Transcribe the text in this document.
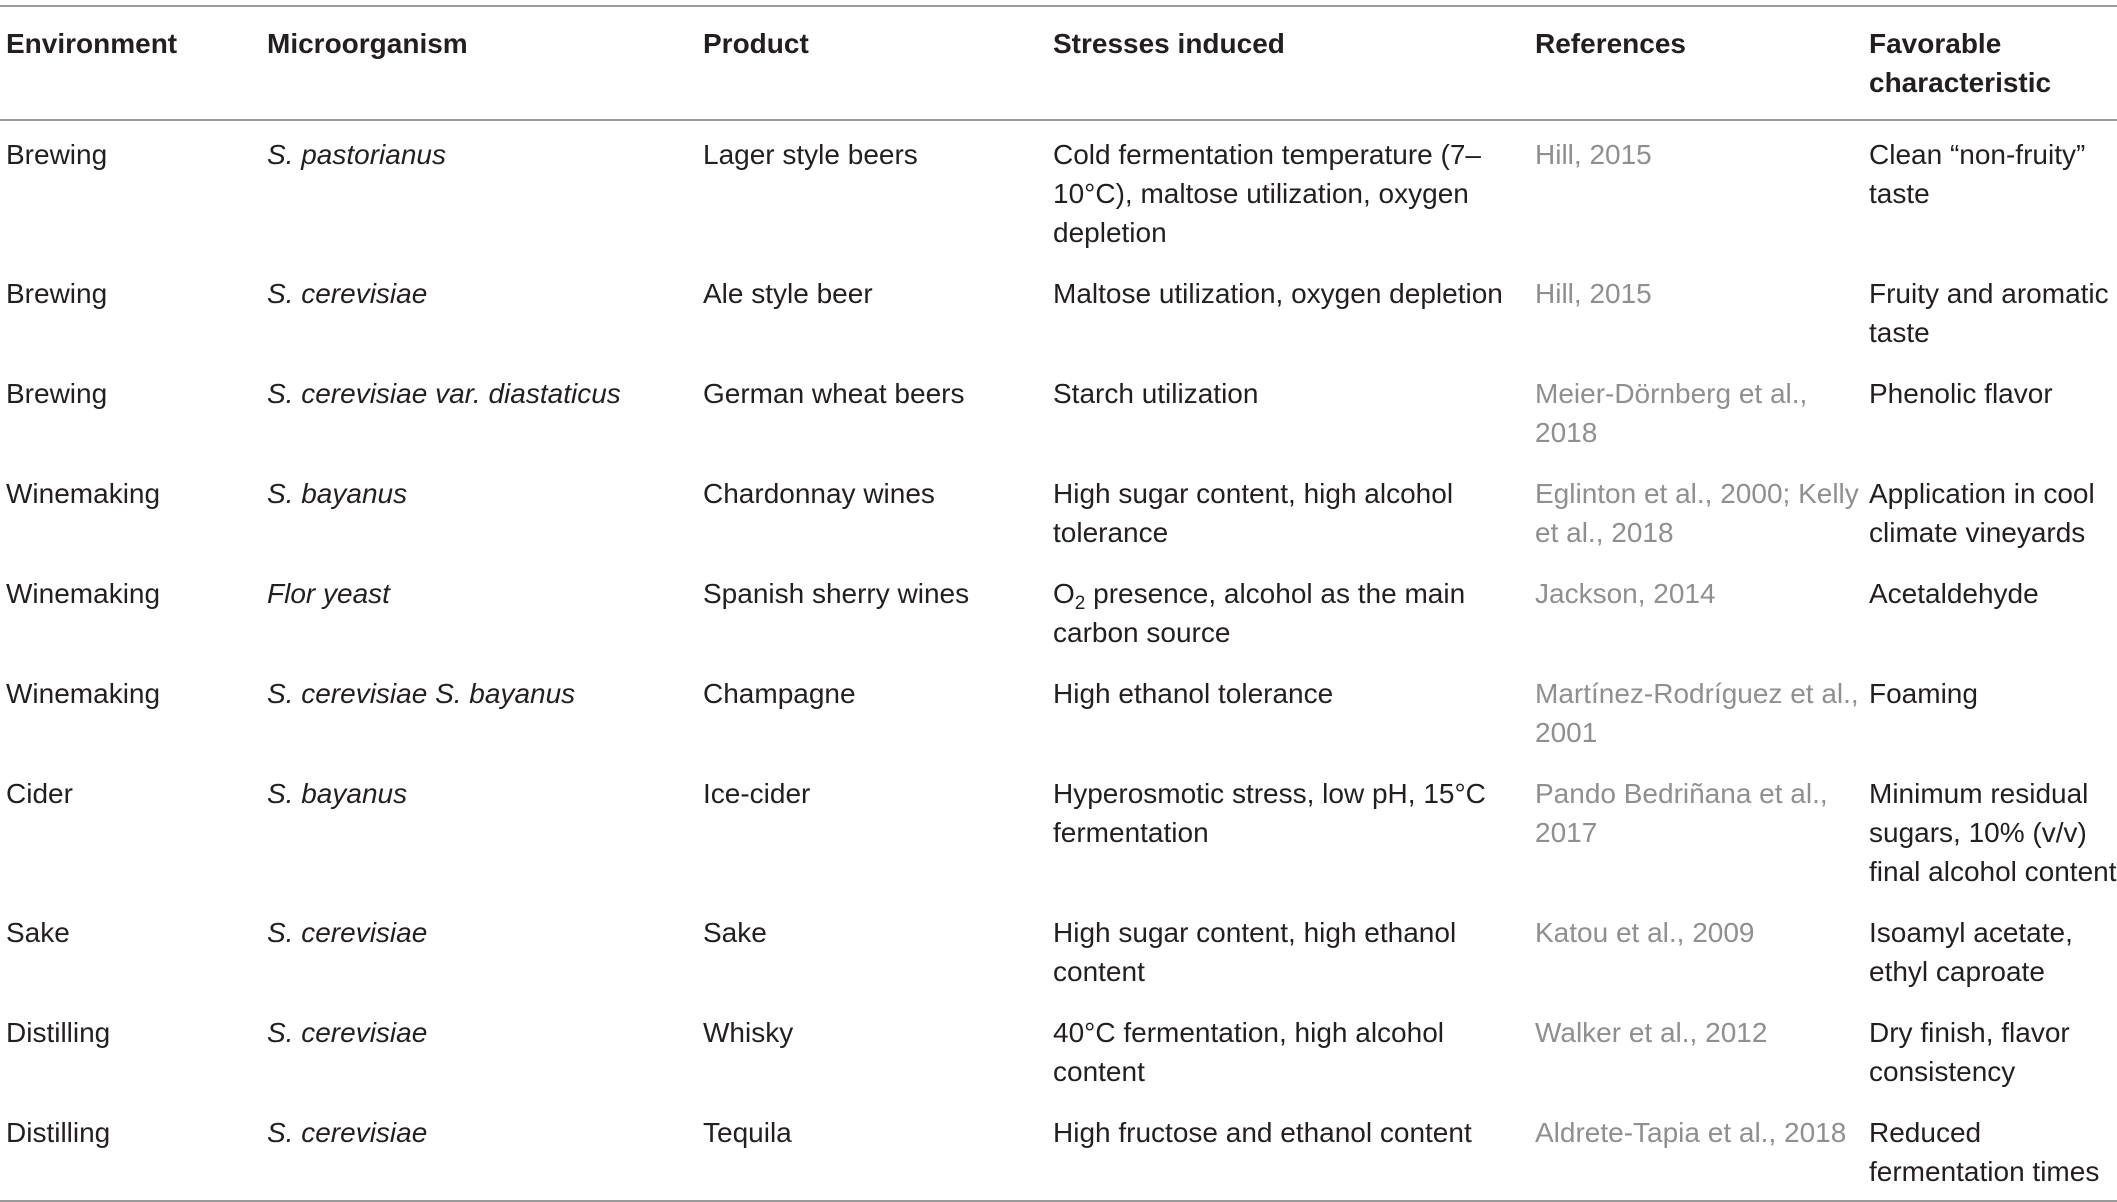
Environment	Microorganism	Product	Stresses induced	References	Favorable characteristic
Brewing	S. pastorianus	Lager style beers	Cold fermentation temperature (7–10°C), maltose utilization, oxygen depletion	Hill, 2015	Clean “non-fruity” taste
Brewing	S. cerevisiae	Ale style beer	Maltose utilization, oxygen depletion	Hill, 2015	Fruity and aromatic taste
Brewing	S. cerevisiae var. diastaticus	German wheat beers	Starch utilization	Meier-Dörnberg et al., 2018	Phenolic flavor
Winemaking	S. bayanus	Chardonnay wines	High sugar content, high alcohol tolerance	Eglinton et al., 2000; Kelly et al., 2018	Application in cool climate vineyards
Winemaking	Flor yeast	Spanish sherry wines	$O_2$ presence, alcohol as the main carbon source	Jackson, 2014	Acetaldehyde
Winemaking	S. cerevisiae S. bayanus	Champagne	High ethanol tolerance	Martínez-Rodríguez et al., 2001	Foaming
Cider	S. bayanus	Ice-cider	Hyperosmotic stress, low pH, 15°C fermentation	Pando Bedriñana et al., 2017	Minimum residual sugars, 10% (v/v) final alcohol content
Sake	S. cerevisiae	Sake	High sugar content, high ethanol content	Katou et al., 2009	Isoamyl acetate, ethyl caproate
Distilling	S. cerevisiae	Whisky	40°C fermentation, high alcohol content	Walker et al., 2012	Dry finish, flavor consistency
Distilling	S. cerevisiae	Tequila	High fructose and ethanol content	Aldrete-Tapia et al., 2018	Reduced fermentation times
